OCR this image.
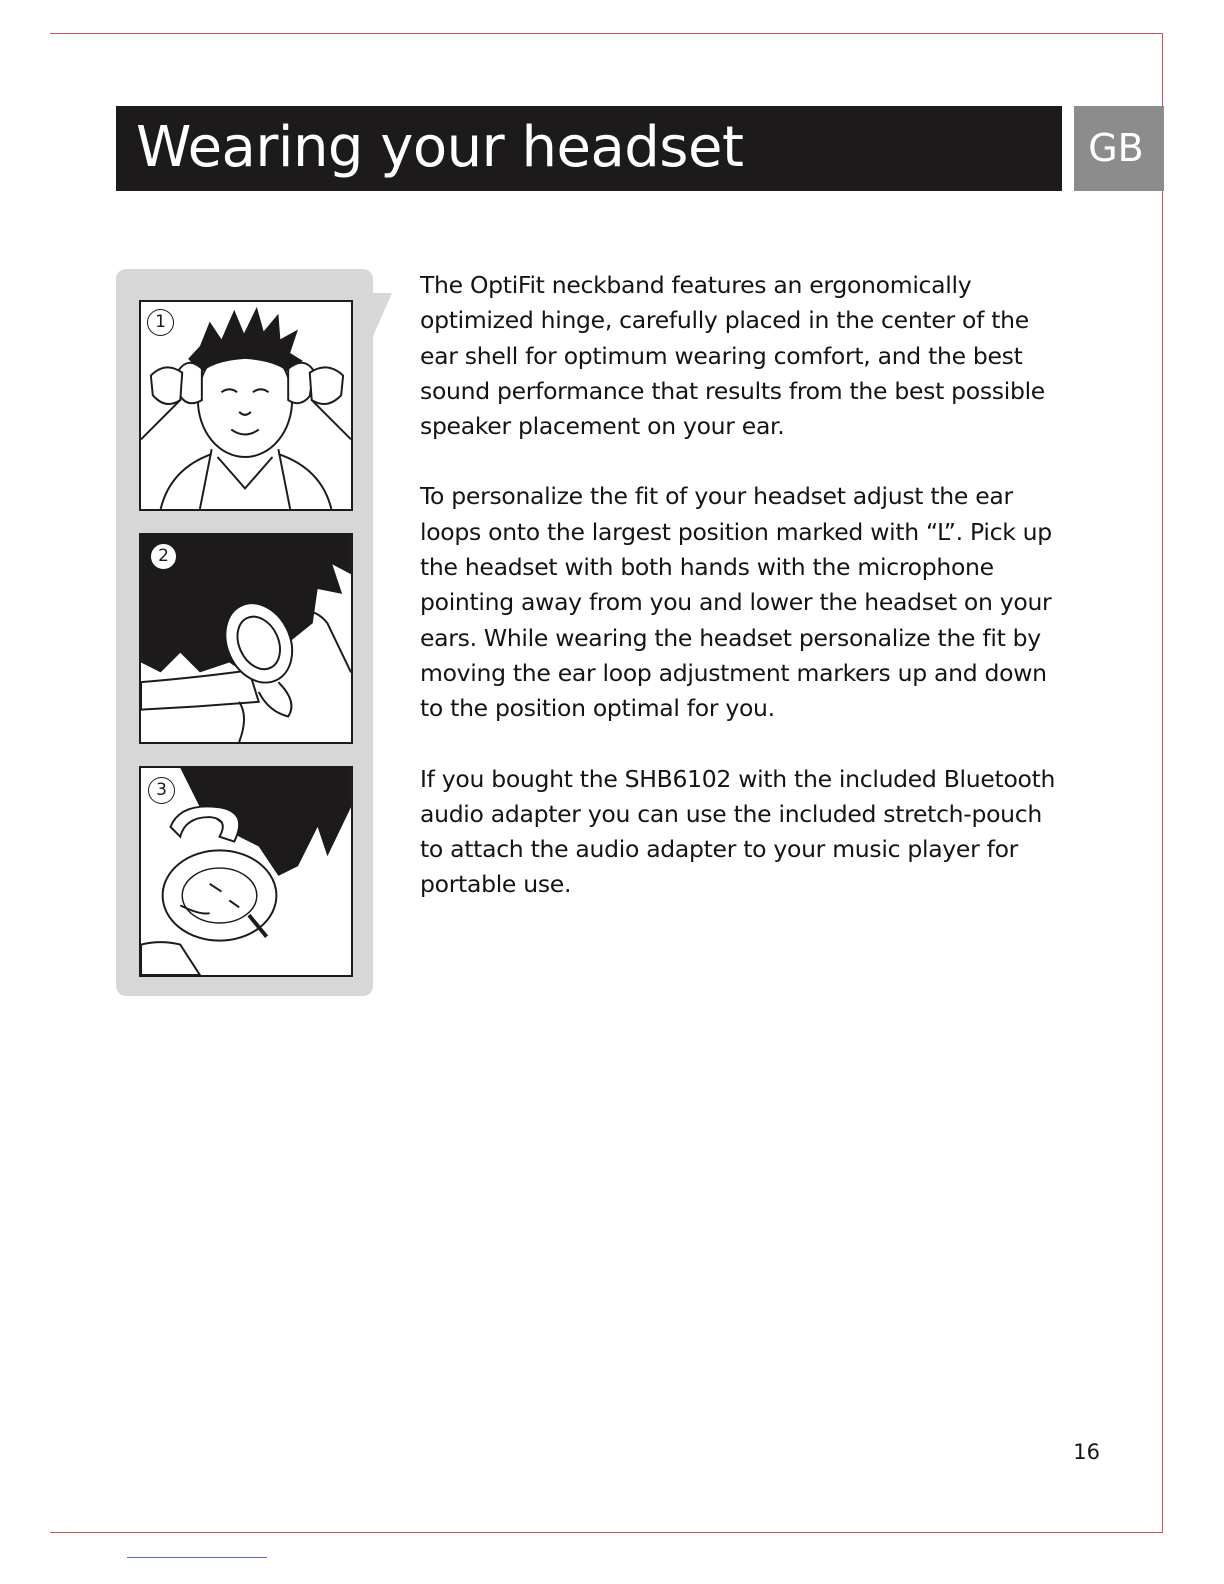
Wearing your headset	GB
1
2
3

The OptiFit neckband features an ergonomically optimized hinge, carefully placed in the center of the ear shell for optimum wearing comfort, and the best sound performance that results from the best possible speaker placement on your ear.

To personalize the fit of your headset adjust the ear loops onto the largest position marked with “L”. Pick up the headset with both hands with the microphone pointing away from you and lower the headset on your ears. While wearing the headset personalize the fit by moving the ear loop adjustment markers up and down to the position optimal for you.

If you bought the SHB6102 with the included Bluetooth audio adapter you can use the included stretch-pouch to attach the audio adapter to your music player for portable use.

16
